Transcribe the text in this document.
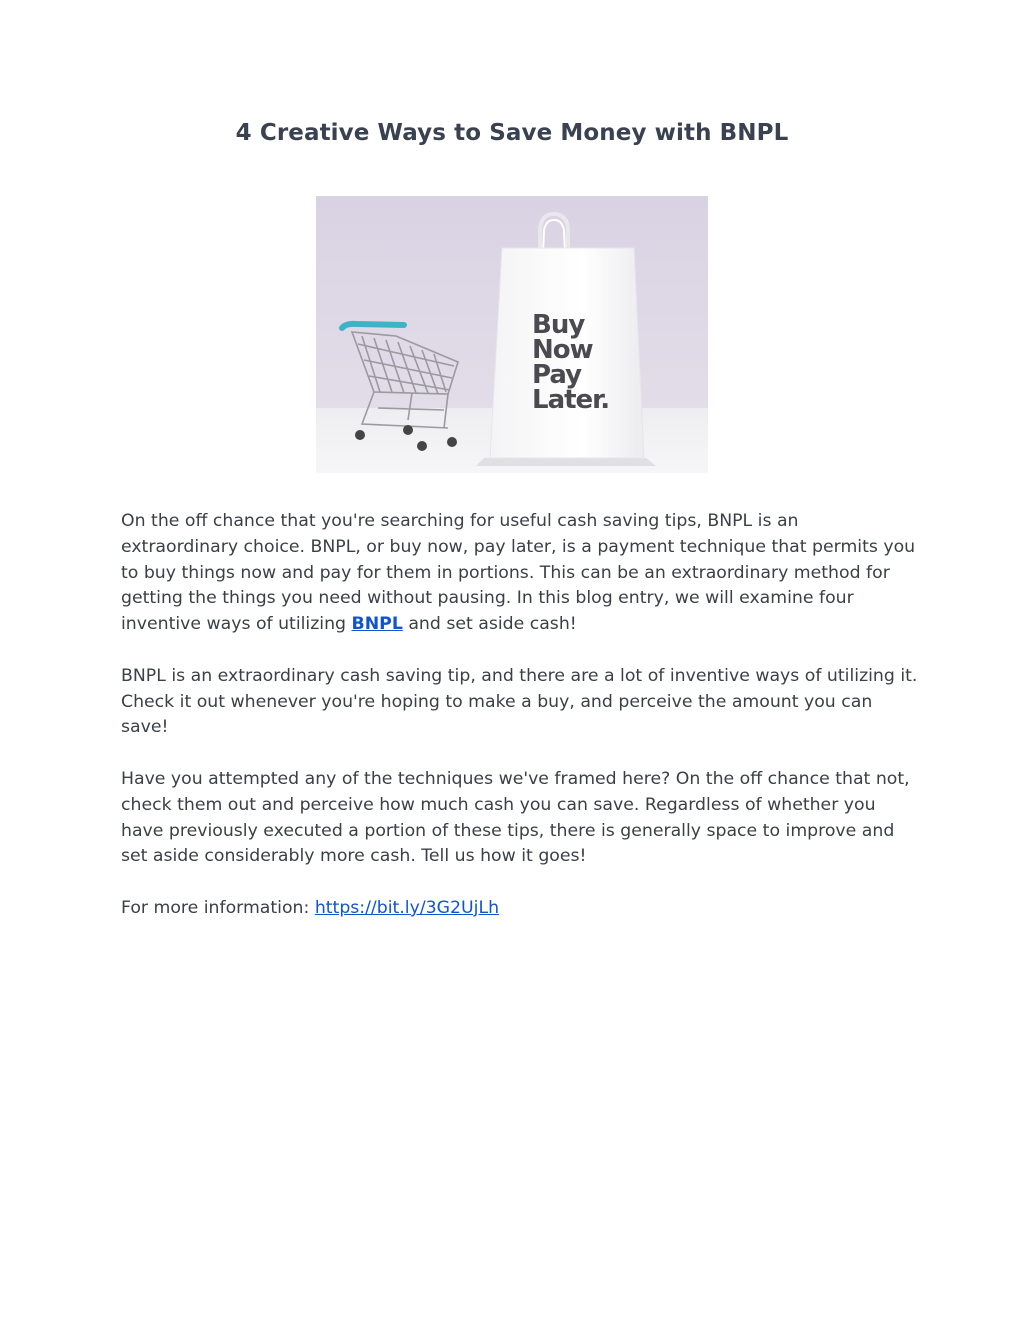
4 Creative Ways to Save Money with BNPL
Buy
Now
Pay
Later.

On the off chance that you're searching for useful cash saving tips, BNPL is an extraordinary choice. BNPL, or buy now, pay later, is a payment technique that permits you to buy things now and pay for them in portions. This can be an extraordinary method for getting the things you need without pausing. In this blog entry, we will examine four inventive ways of utilizing BNPL and set aside cash!

BNPL is an extraordinary cash saving tip, and there are a lot of inventive ways of utilizing it. Check it out whenever you're hoping to make a buy, and perceive the amount you can save!

Have you attempted any of the techniques we've framed here? On the off chance that not, check them out and perceive how much cash you can save. Regardless of whether you have previously executed a portion of these tips, there is generally space to improve and set aside considerably more cash. Tell us how it goes!

For more information: https://bit.ly/3G2UjLh
